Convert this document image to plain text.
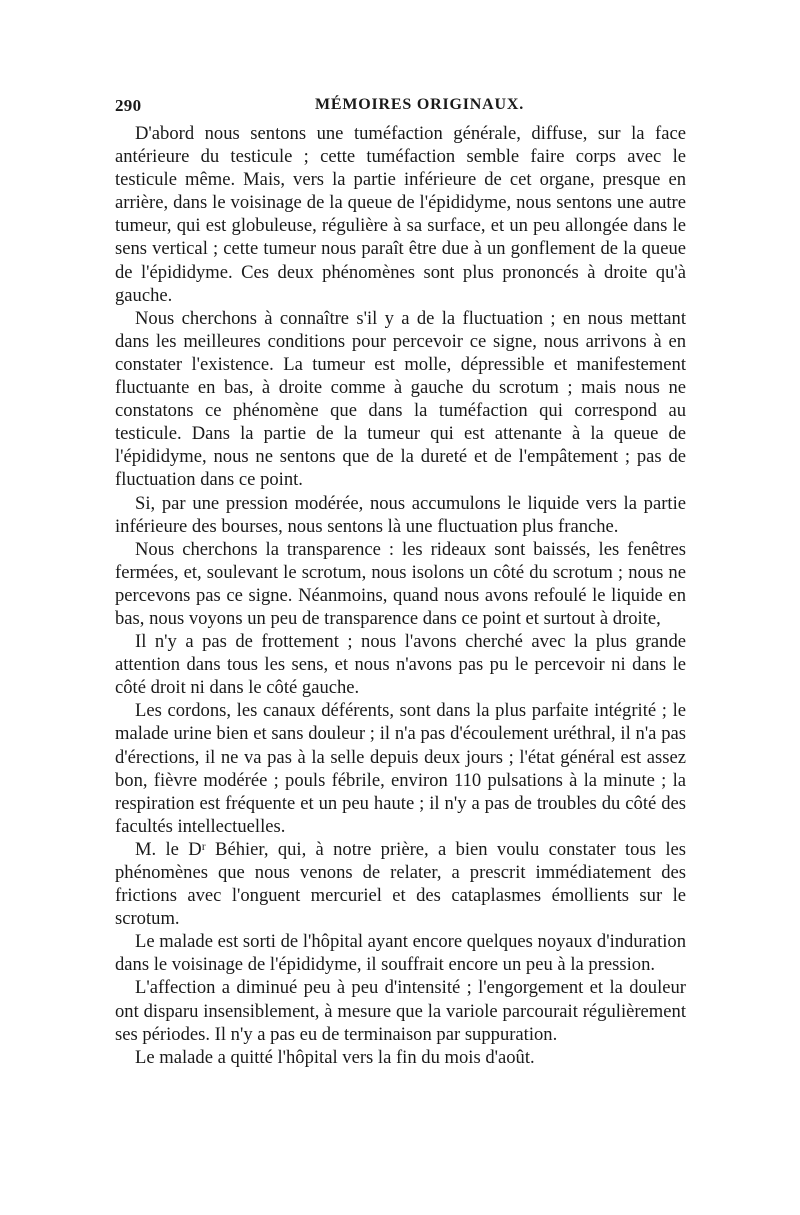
290	MÉMOIRES ORIGINAUX.

D'abord nous sentons une tuméfaction générale, diffuse, sur la face antérieure du testicule ; cette tuméfaction semble faire corps avec le testicule même. Mais, vers la partie inférieure de cet organe, presque en arrière, dans le voisinage de la queue de l'épididyme, nous sentons une autre tumeur, qui est globuleuse, régulière à sa surface, et un peu allongée dans le sens vertical ; cette tumeur nous paraît être due à un gonflement de la queue de l'épididyme. Ces deux phénomènes sont plus prononcés à droite qu'à gauche.

Nous cherchons à connaître s'il y a de la fluctuation ; en nous mettant dans les meilleures conditions pour percevoir ce signe, nous arrivons à en constater l'existence. La tumeur est molle, dépressible et manifestement fluctuante en bas, à droite comme à gauche du scrotum ; mais nous ne constatons ce phénomène que dans la tuméfaction qui correspond au testicule. Dans la partie de la tumeur qui est attenante à la queue de l'épididyme, nous ne sentons que de la dureté et de l'empâtement ; pas de fluctuation dans ce point.

Si, par une pression modérée, nous accumulons le liquide vers la partie inférieure des bourses, nous sentons là une fluctuation plus franche.

Nous cherchons la transparence : les rideaux sont baissés, les fenêtres fermées, et, soulevant le scrotum, nous isolons un côté du scrotum ; nous ne percevons pas ce signe. Néanmoins, quand nous avons refoulé le liquide en bas, nous voyons un peu de transparence dans ce point et surtout à droite,

Il n'y a pas de frottement ; nous l'avons cherché avec la plus grande attention dans tous les sens, et nous n'avons pas pu le percevoir ni dans le côté droit ni dans le côté gauche.

Les cordons, les canaux déférents, sont dans la plus parfaite intégrité ; le malade urine bien et sans douleur ; il n'a pas d'écoulement uréthral, il n'a pas d'érections, il ne va pas à la selle depuis deux jours ; l'état général est assez bon, fièvre modérée ; pouls fébrile, environ 110 pulsations à la minute ; la respiration est fréquente et un peu haute ; il n'y a pas de troubles du côté des facultés intellectuelles.

M. le Dʳ Béhier, qui, à notre prière, a bien voulu constater tous les phénomènes que nous venons de relater, a prescrit immédiatement des frictions avec l'onguent mercuriel et des cataplasmes émollients sur le scrotum.

Le malade est sorti de l'hôpital ayant encore quelques noyaux d'induration dans le voisinage de l'épididyme, il souffrait encore un peu à la pression.

L'affection a diminué peu à peu d'intensité ; l'engorgement et la douleur ont disparu insensiblement, à mesure que la variole parcourait régulièrement ses périodes. Il n'y a pas eu de terminaison par suppuration.

Le malade a quitté l'hôpital vers la fin du mois d'août.
